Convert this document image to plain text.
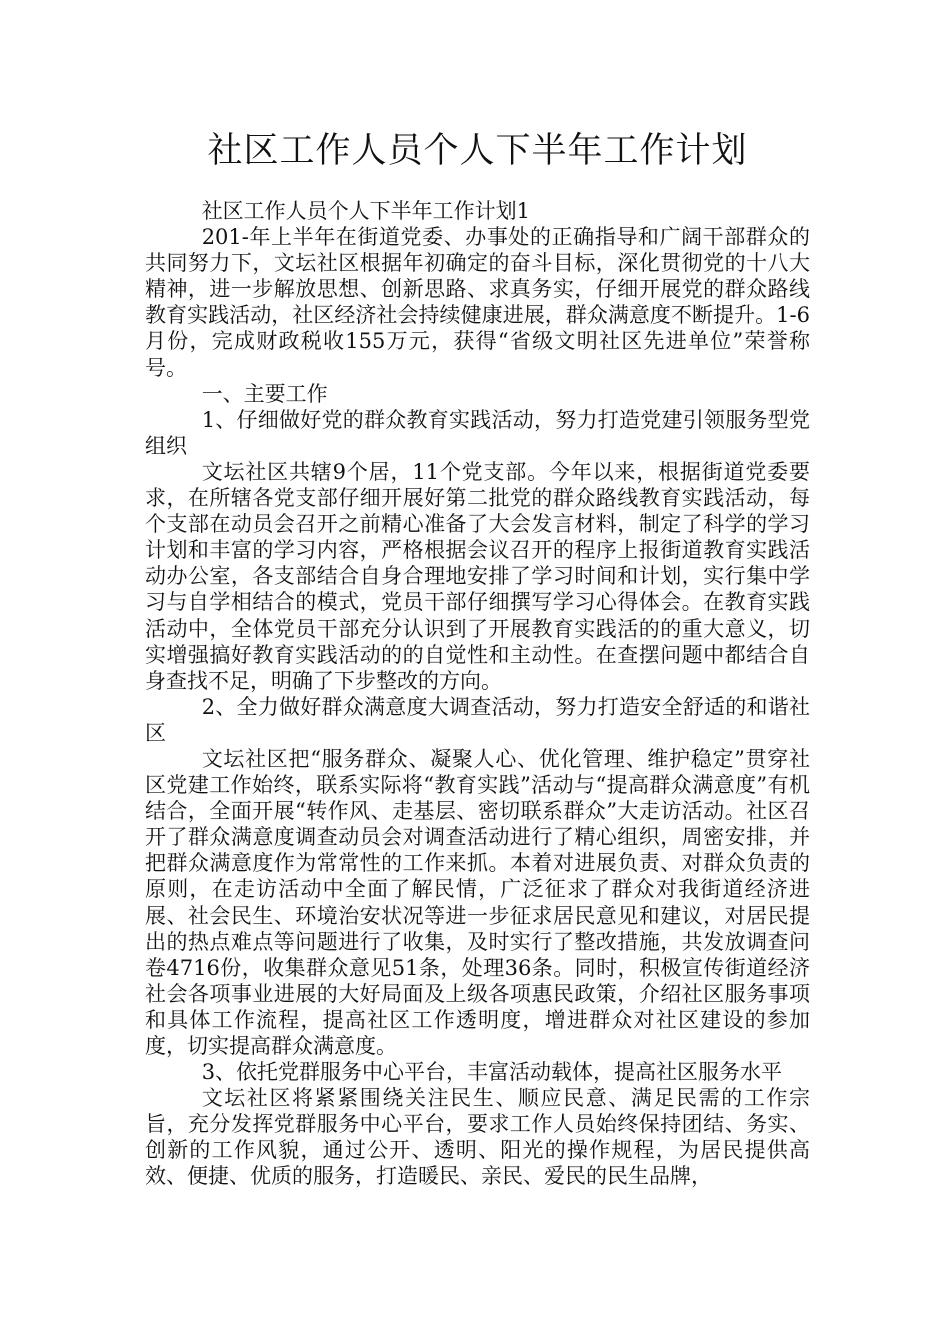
社区工作人员个人下半年工作计划

社区工作人员个人下半年工作计划1

201-年上半年在街道党委、办事处的正确指导和广阔干部群众的共同努力下，文坛社区根据年初确定的奋斗目标，深化贯彻党的十八大精神，进一步解放思想、创新思路、求真务实，仔细开展党的群众路线教育实践活动，社区经济社会持续健康进展，群众满意度不断提升。1-6月份，完成财政税收155万元，获得“省级文明社区先进单位”荣誉称号。

一、主要工作

1、仔细做好党的群众教育实践活动，努力打造党建引领服务型党组织

文坛社区共辖9个居，11个党支部。今年以来，根据街道党委要求，在所辖各党支部仔细开展好第二批党的群众路线教育实践活动，每个支部在动员会召开之前精心准备了大会发言材料，制定了科学的学习计划和丰富的学习内容，严格根据会议召开的程序上报街道教育实践活动办公室，各支部结合自身合理地安排了学习时间和计划，实行集中学习与自学相结合的模式，党员干部仔细撰写学习心得体会。在教育实践活动中，全体党员干部充分认识到了开展教育实践活的的重大意义，切实增强搞好教育实践活动的的自觉性和主动性。在查摆问题中都结合自身查找不足，明确了下步整改的方向。

2、全力做好群众满意度大调查活动，努力打造安全舒适的和谐社区

文坛社区把“服务群众、凝聚人心、优化管理、维护稳定”贯穿社区党建工作始终，联系实际将“教育实践”活动与“提高群众满意度”有机结合，全面开展“转作风、走基层、密切联系群众”大走访活动。社区召开了群众满意度调查动员会对调查活动进行了精心组织，周密安排，并把群众满意度作为常常性的工作来抓。本着对进展负责、对群众负责的原则，在走访活动中全面了解民情，广泛征求了群众对我街道经济进展、社会民生、环境治安状况等进一步征求居民意见和建议，对居民提出的热点难点等问题进行了收集，及时实行了整改措施，共发放调查问卷4716份，收集群众意见51条，处理36条。同时，积极宣传街道经济社会各项事业进展的大好局面及上级各项惠民政策，介绍社区服务事项和具体工作流程，提高社区工作透明度，增进群众对社区建设的参加度，切实提高群众满意度。

3、依托党群服务中心平台，丰富活动载体，提高社区服务水平

文坛社区将紧紧围绕关注民生、顺应民意、满足民需的工作宗旨，充分发挥党群服务中心平台，要求工作人员始终保持团结、务实、创新的工作风貌，通过公开、透明、阳光的操作规程，为居民提供高效、便捷、优质的服务，打造暖民、亲民、爱民的民生品牌，
